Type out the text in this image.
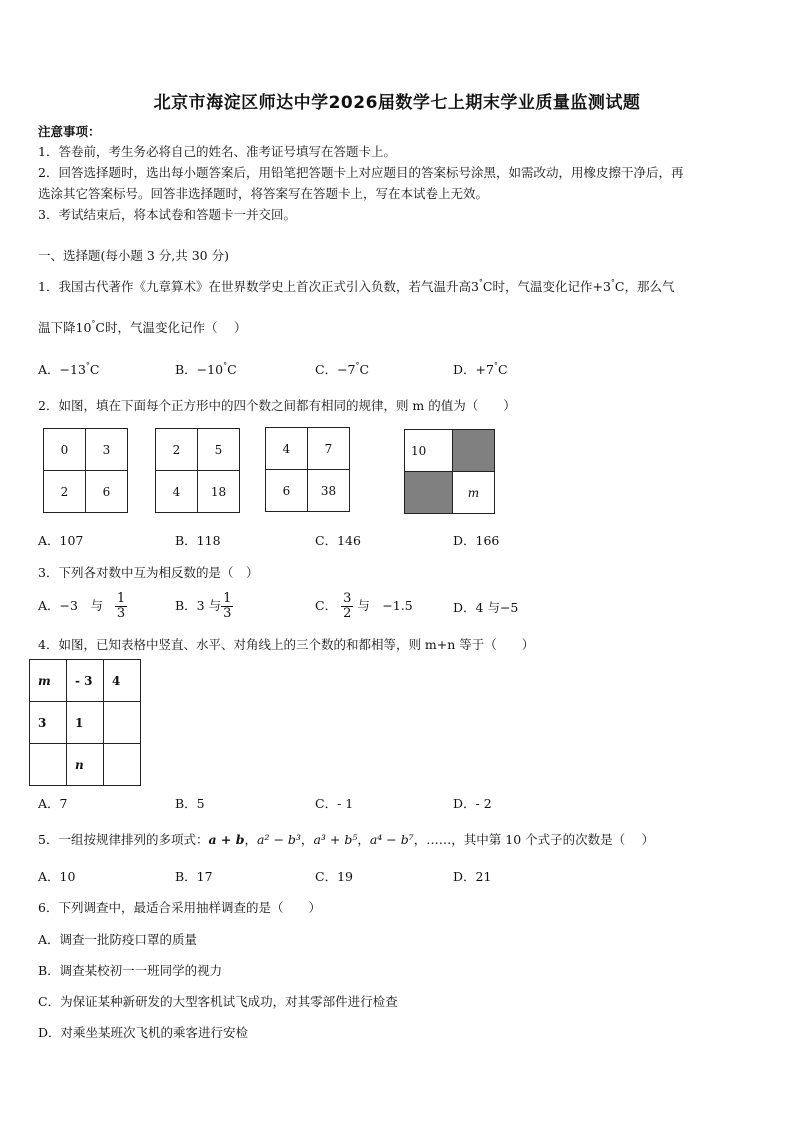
北京市海淀区师达中学2026届数学七上期末学业质量监测试题
注意事项：
1．答卷前，考生务必将自己的姓名、准考证号填写在答题卡上。
2．回答选择题时，选出每小题答案后，用铅笔把答题卡上对应题目的答案标号涂黑，如需改动，用橡皮擦干净后，再
选涂其它答案标号。回答非选择题时，将答案写在答题卡上，写在本试卷上无效。
3．考试结束后，将本试卷和答题卡一并交回。
一、选择题(每小题 3 分,共 30 分)
1．我国古代著作《九章算术》在世界数学史上首次正式引入负数，若气温升高3°C时，气温变化记作+3°C，那么气
温下降10°C时，气温变化记作（　 ）
A．−13°C	B．−10°C	C．−7°C	D．+7°C
2．如图，填在下面每个正方形中的四个数之间都有相同的规律，则 m 的值为（　　）
0	3
2	6
2	5
4	18
4	7
6	38
10	
	m
A．107	B．118	C．146	D．166
3．下列各对数中互为相反数的是（　）
A．−3　与 $\frac{1}{3}$	B．3 与 $\frac{1}{3}$	C． $\frac{3}{2}$ 与　−1.5	D．4 与−5
4．如图，已知表格中竖直、水平、对角线上的三个数的和都相等，则 m+n 等于（　　）
m	- 3	4
3	1	
	n	
A．7	B．5	C．- 1	D．- 2
5．一组按规律排列的多项式：a + b，a² − b³，a³ + b⁵，a⁴ − b⁷，……，其中第 10 个式子的次数是（　 ）
A．10	B．17	C．19	D．21
6．下列调查中，最适合采用抽样调查的是（　　）
A．调查一批防疫口罩的质量
B．调查某校初一一班同学的视力
C．为保证某种新研发的大型客机试飞成功，对其零部件进行检查
D．对乘坐某班次飞机的乘客进行安检
